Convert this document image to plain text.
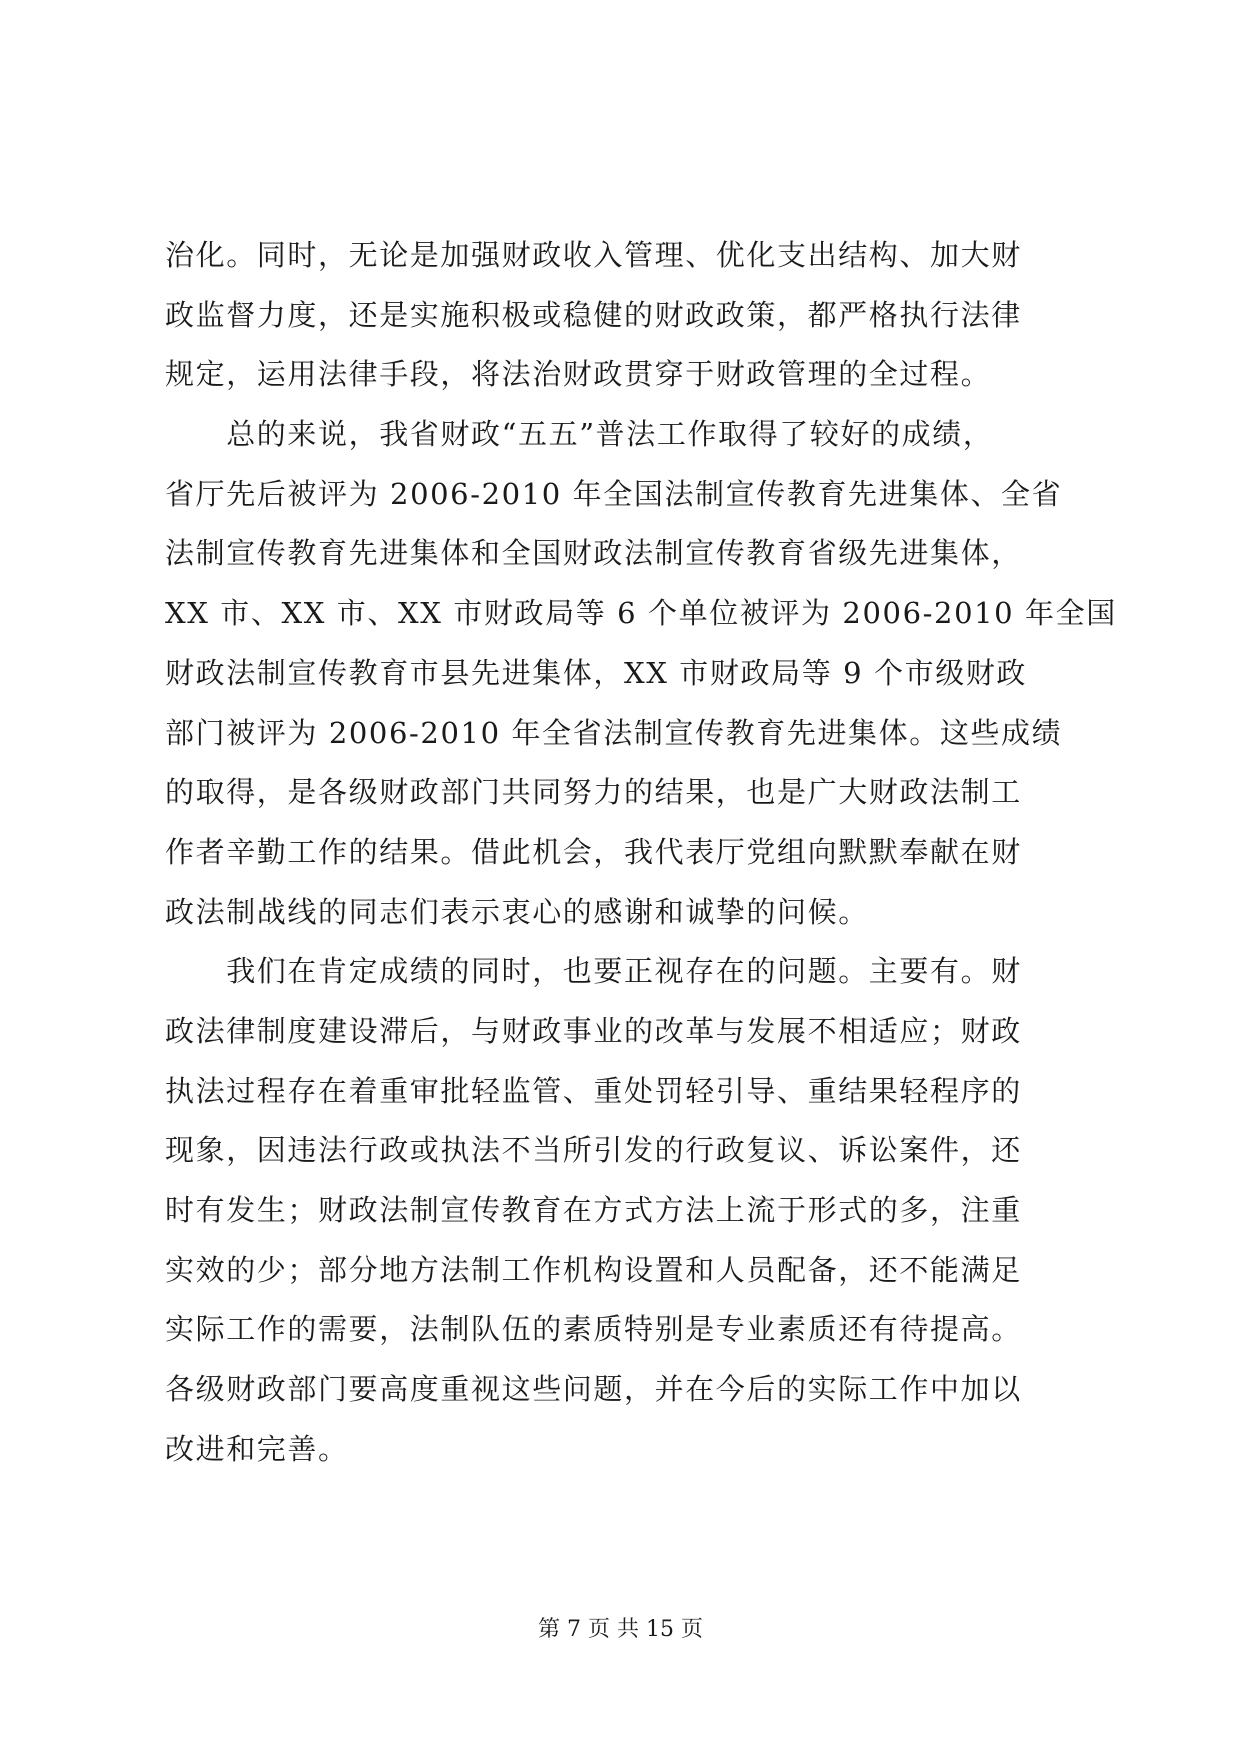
治化。同时，无论是加强财政收入管理、优化支出结构、加大财
政监督力度，还是实施积极或稳健的财政政策，都严格执行法律
规定，运用法律手段，将法治财政贯穿于财政管理的全过程。
　　总的来说，我省财政“五五”普法工作取得了较好的成绩，
省厅先后被评为 2006-2010 年全国法制宣传教育先进集体、全省
法制宣传教育先进集体和全国财政法制宣传教育省级先进集体，
XX 市、XX 市、XX 市财政局等 6 个单位被评为 2006-2010 年全国
财政法制宣传教育市县先进集体，XX 市财政局等 9 个市级财政
部门被评为 2006-2010 年全省法制宣传教育先进集体。这些成绩
的取得，是各级财政部门共同努力的结果，也是广大财政法制工
作者辛勤工作的结果。借此机会，我代表厅党组向默默奉献在财
政法制战线的同志们表示衷心的感谢和诚挚的问候。
　　我们在肯定成绩的同时，也要正视存在的问题。主要有。财
政法律制度建设滞后，与财政事业的改革与发展不相适应；财政
执法过程存在着重审批轻监管、重处罚轻引导、重结果轻程序的
现象，因违法行政或执法不当所引发的行政复议、诉讼案件，还
时有发生；财政法制宣传教育在方式方法上流于形式的多，注重
实效的少；部分地方法制工作机构设置和人员配备，还不能满足
实际工作的需要，法制队伍的素质特别是专业素质还有待提高。
各级财政部门要高度重视这些问题，并在今后的实际工作中加以
改进和完善。
第 7 页 共 15 页
